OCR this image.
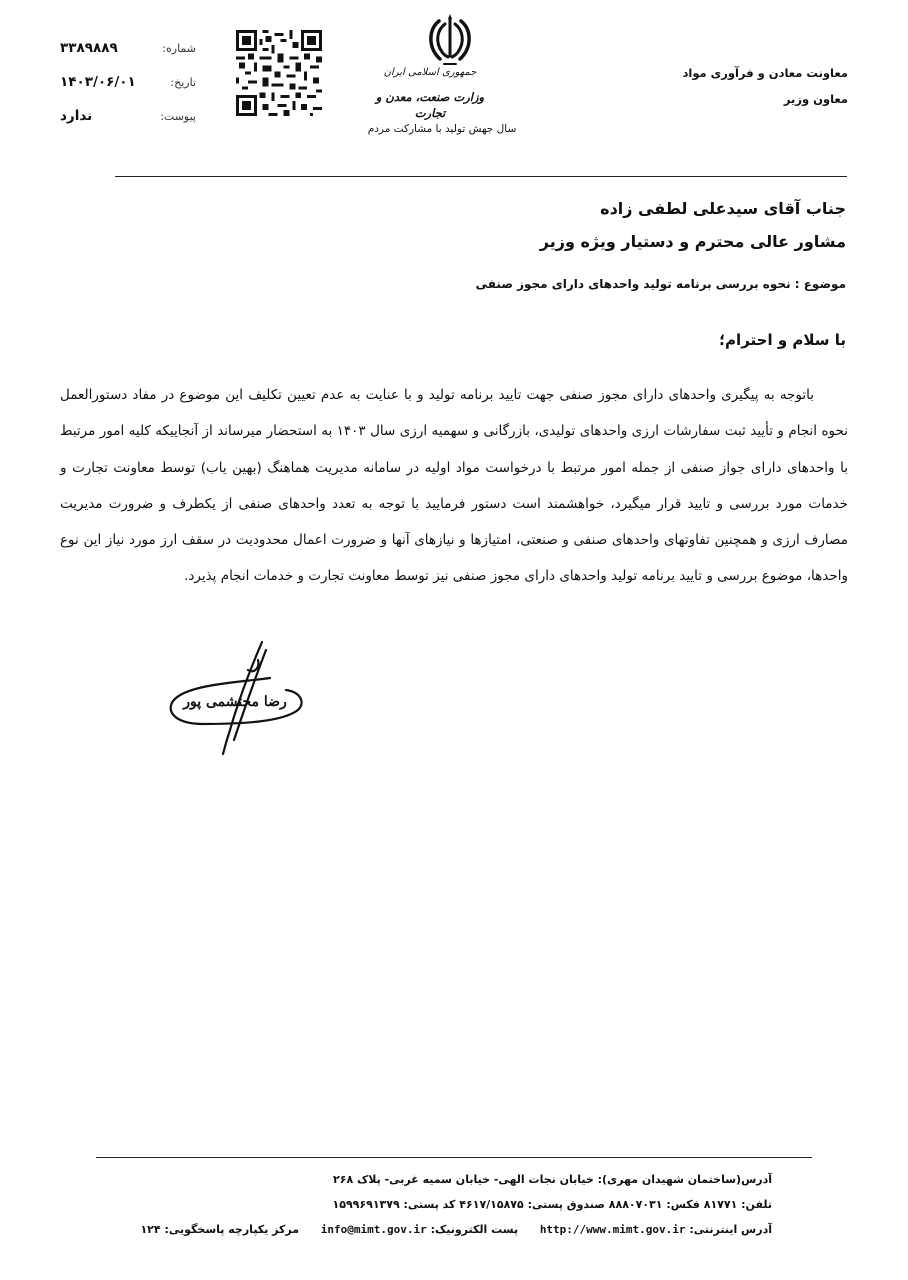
معاونت معادن و فرآوری مواد
معاون وزیر
جمهوری اسلامی ایران
وزارت صنعت، معدن و تجارت
سال جهش تولید با مشارکت مردم
شماره:
۳۳۸۹۸۸۹
تاریخ:
۱۴۰۳/۰۶/۰۱
پیوست:
ندارد
جناب آقای سیدعلی لطفی زاده
مشاور عالی محترم و دستیار ویژه وزیر
موضوع : نحوه بررسی برنامه تولید واحدهای دارای مجوز صنفی
با سلام و احترام؛
باتوجه به پیگیری واحدهای دارای مجوز صنفی جهت تایید برنامه تولید و با عنایت به عدم تعیین تکلیف این موضوع در مفاد دستورالعمل نحوه انجام و تأیید ثبت سفارشات ارزی واحدهای تولیدی، بازرگانی و سهمیه ارزی سال ۱۴۰۳ به استحضار میرساند از آنجاییکه کلیه امور مرتبط با واحدهای دارای جواز صنفی از جمله امور مرتبط با درخواست مواد اولیه در سامانه مدیریت هماهنگ (بهین یاب) توسط معاونت تجارت و خدمات مورد بررسی و تایید قرار میگیرد، خواهشمند است دستور فرمایید با توجه به تعدد واحدهای صنفی از یکطرف و ضرورت مدیریت مصارف ارزی و همچنین تفاوتهای واحدهای صنفی و صنعتی، امتیازها و نیازهای آنها و ضرورت اعمال محدودیت در سقف ارز مورد نیاز این نوع واحدها، موضوع بررسی و تایید برنامه تولید واحدهای دارای مجوز صنفی نیز توسط معاونت تجارت و خدمات انجام پذیرد.
رضا محتشمی پور
آدرس(ساختمان شهیدان مهری): خیابان نجات الهی- خیابان سمیه غربی- پلاک ۲۶۸
تلفن: ۸۱۷۷۱ فکس: ۸۸۸۰۷۰۳۱ صندوق پستی: ۴۶۱۷/۱۵۸۷۵ کد پستی: ۱۵۹۹۶۹۱۳۷۹
آدرس اینترنتی: http://www.mimt.gov.ir  پست الکترونیک: info@mimt.gov.ir  مرکز یکپارچه پاسخگویی: ۱۲۴
